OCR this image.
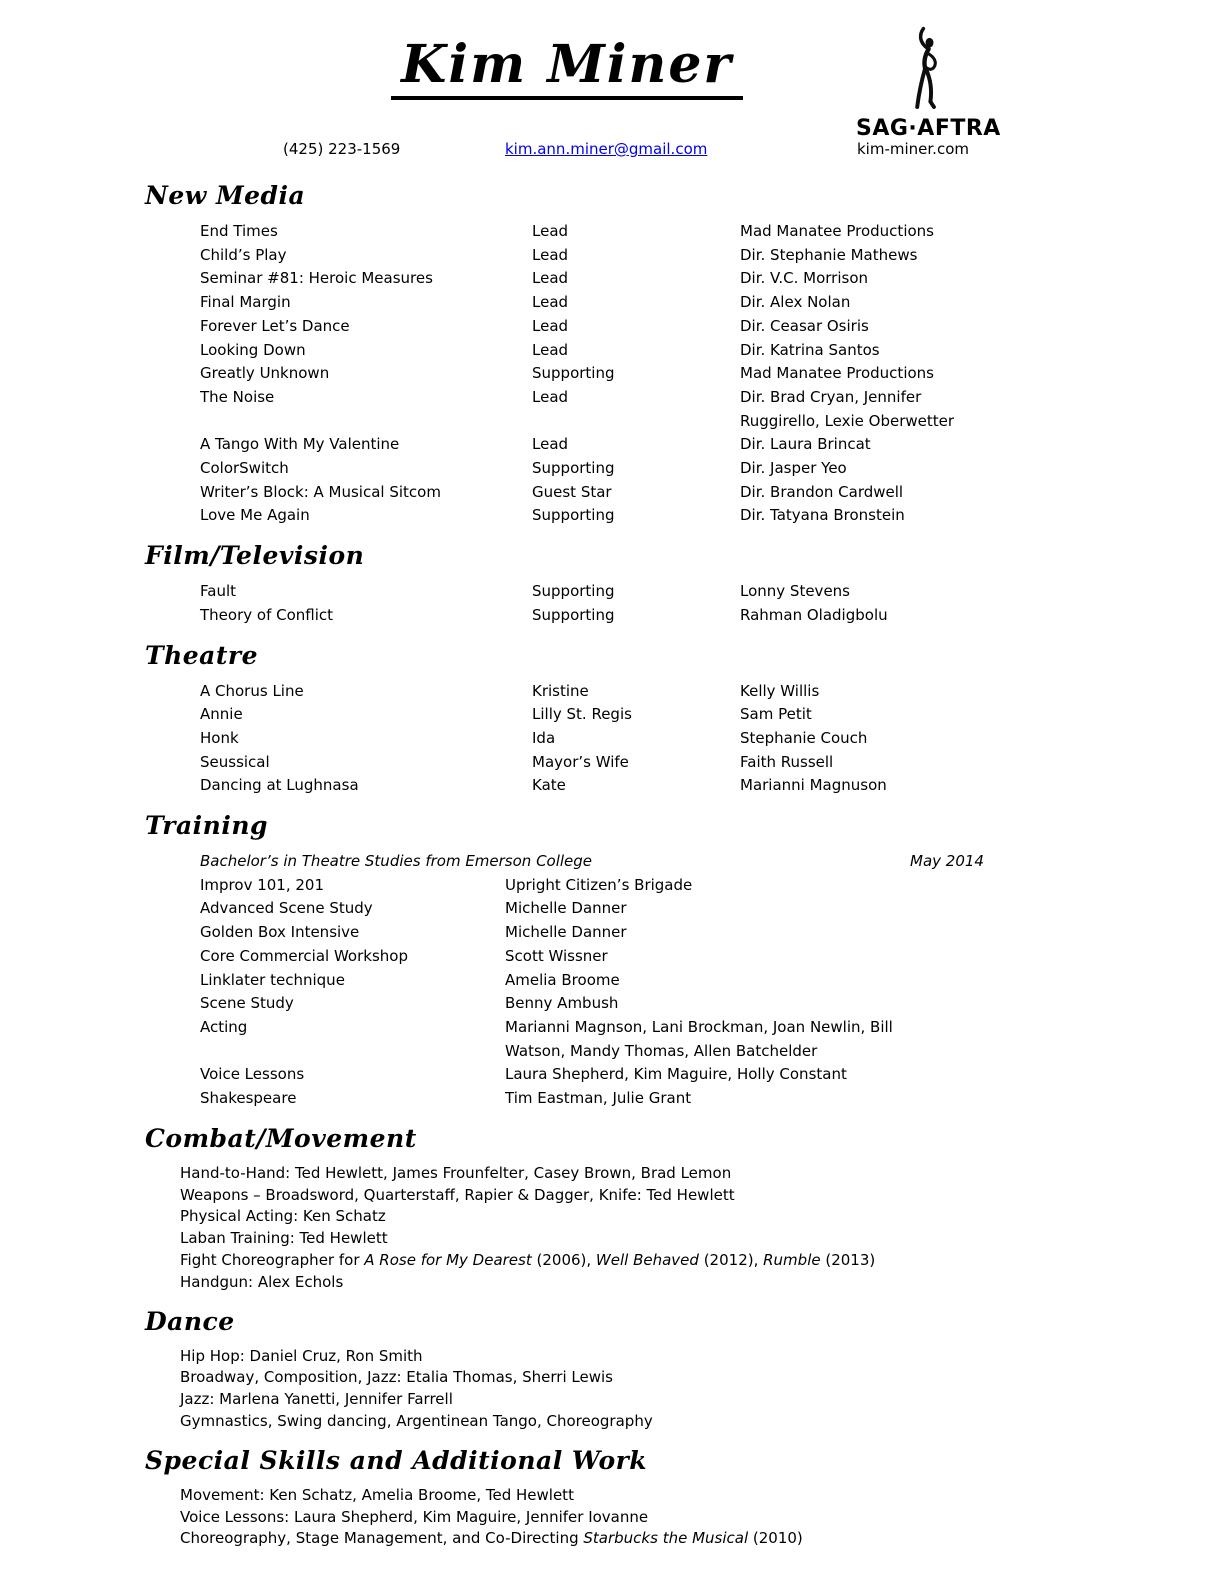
Kim Miner
SAG·AFTRA
(425) 223-1569	kim.ann.miner@gmail.com	kim-miner.com
New Media
End Times	Lead	Mad Manatee Productions
Child’s Play	Lead	Dir. Stephanie Mathews
Seminar #81: Heroic Measures	Lead	Dir. V.C. Morrison
Final Margin	Lead	Dir. Alex Nolan
Forever Let’s Dance	Lead	Dir. Ceasar Osiris
Looking Down	Lead	Dir. Katrina Santos
Greatly Unknown	Supporting	Mad Manatee Productions
The Noise	Lead	Dir. Brad Cryan, Jennifer Ruggirello, Lexie Oberwetter
A Tango With My Valentine	Lead	Dir. Laura Brincat
ColorSwitch	Supporting	Dir. Jasper Yeo
Writer’s Block: A Musical Sitcom	Guest Star	Dir. Brandon Cardwell
Love Me Again	Supporting	Dir. Tatyana Bronstein
Film/Television
Fault	Supporting	Lonny Stevens
Theory of Conflict	Supporting	Rahman Oladigbolu
Theatre
A Chorus Line	Kristine	Kelly Willis
Annie	Lilly St. Regis	Sam Petit
Honk	Ida	Stephanie Couch
Seussical	Mayor’s Wife	Faith Russell
Dancing at Lughnasa	Kate	Marianni Magnuson
Training
Bachelor’s in Theatre Studies from Emerson College	May 2014
Improv 101, 201	Upright Citizen’s Brigade
Advanced Scene Study	Michelle Danner
Golden Box Intensive	Michelle Danner
Core Commercial Workshop	Scott Wissner
Linklater technique	Amelia Broome
Scene Study	Benny Ambush
Acting	Marianni Magnson, Lani Brockman, Joan Newlin, Bill Watson, Mandy Thomas, Allen Batchelder
Voice Lessons	Laura Shepherd, Kim Maguire, Holly Constant
Shakespeare	Tim Eastman, Julie Grant
Combat/Movement
Hand-to-Hand: Ted Hewlett, James Frounfelter, Casey Brown, Brad Lemon
Weapons – Broadsword, Quarterstaff, Rapier & Dagger, Knife: Ted Hewlett
Physical Acting: Ken Schatz
Laban Training: Ted Hewlett
Fight Choreographer for A Rose for My Dearest (2006), Well Behaved (2012), Rumble (2013)
Handgun: Alex Echols
Dance
Hip Hop: Daniel Cruz, Ron Smith
Broadway, Composition, Jazz: Etalia Thomas, Sherri Lewis
Jazz: Marlena Yanetti, Jennifer Farrell
Gymnastics, Swing dancing, Argentinean Tango, Choreography
Special Skills and Additional Work
Movement: Ken Schatz, Amelia Broome, Ted Hewlett
Voice Lessons: Laura Shepherd, Kim Maguire, Jennifer Iovanne
Choreography, Stage Management, and Co-Directing Starbucks the Musical (2010)
